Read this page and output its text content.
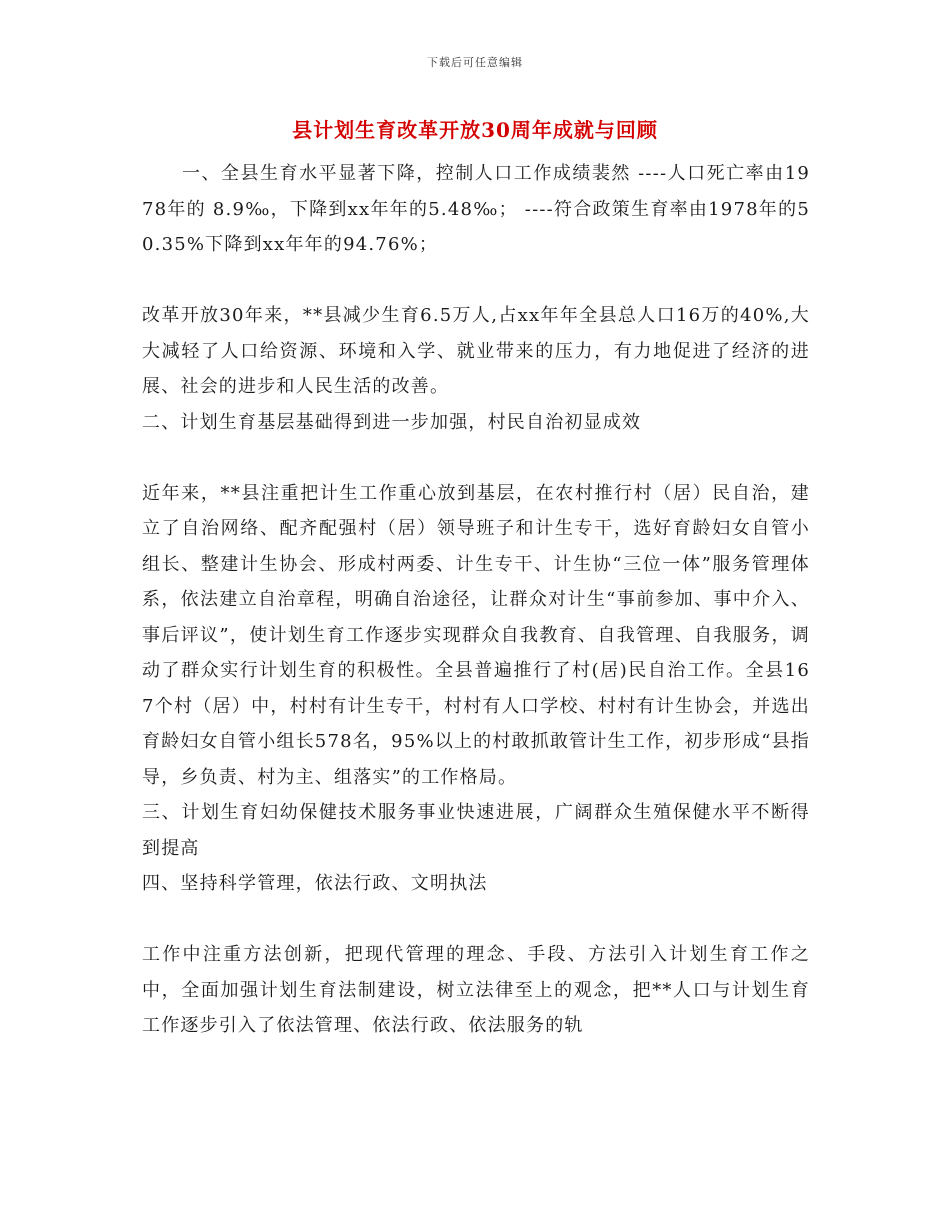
下载后可任意编辑
县计划生育改革开放30周年成就与回顾

一、全县生育水平显著下降，控制人口工作成绩裴然 ----人口死亡率由1978年的 8.9‰，下降到xx年年的5.48‰； ----符合政策生育率由1978年的50.35%下降到xx年年的94.76%；

改革开放30年来，**县减少生育6.5万人,占xx年年全县总人口16万的40%,大大减轻了人口给资源、环境和入学、就业带来的压力，有力地促进了经济的进展、社会的进步和人民生活的改善。

二、计划生育基层基础得到进一步加强，村民自治初显成效

近年来，**县注重把计生工作重心放到基层，在农村推行村（居）民自治，建立了自治网络、配齐配强村（居）领导班子和计生专干，选好育龄妇女自管小组长、整建计生协会、形成村两委、计生专干、计生协“三位一体”服务管理体系，依法建立自治章程，明确自治途径，让群众对计生“事前参加、事中介入、事后评议”，使计划生育工作逐步实现群众自我教育、自我管理、自我服务，调动了群众实行计划生育的积极性。全县普遍推行了村(居)民自治工作。全县167个村（居）中，村村有计生专干，村村有人口学校、村村有计生协会，并选出育龄妇女自管小组长578名，95%以上的村敢抓敢管计生工作，初步形成“县指导，乡负责、村为主、组落实”的工作格局。

三、计划生育妇幼保健技术服务事业快速进展，广阔群众生殖保健水平不断得到提高

四、坚持科学管理，依法行政、文明执法

工作中注重方法创新，把现代管理的理念、手段、方法引入计划生育工作之中，全面加强计划生育法制建设，树立法律至上的观念，把**人口与计划生育工作逐步引入了依法管理、依法行政、依法服务的轨
